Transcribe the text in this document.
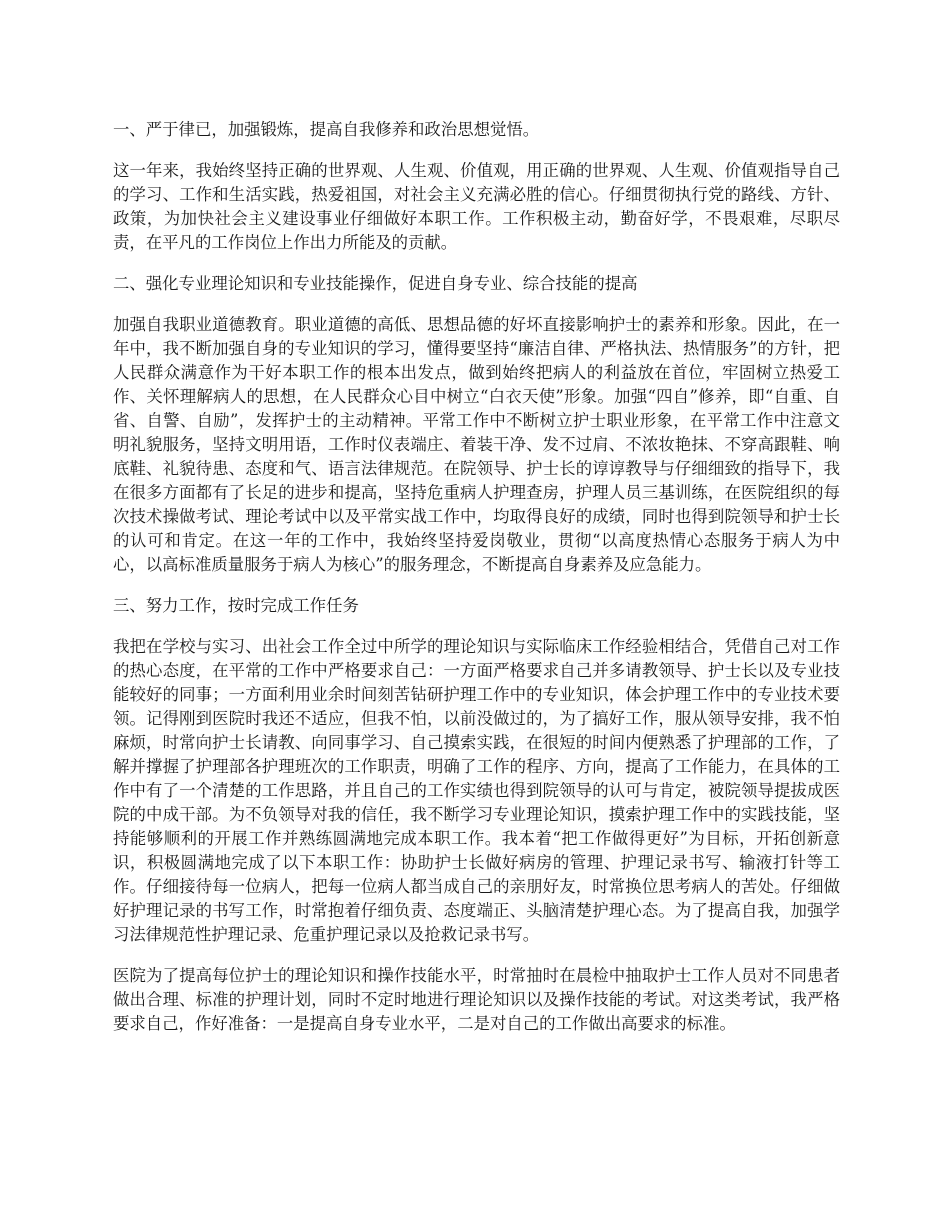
一、严于律已，加强锻炼，提高自我修养和政治思想觉悟。

这一年来，我始终坚持正确的世界观、人生观、价值观，用正确的世界观、人生观、价值观指导自己的学习、工作和生活实践，热爱祖国，对社会主义充满必胜的信心。仔细贯彻执行党的路线、方针、政策，为加快社会主义建设事业仔细做好本职工作。工作积极主动，勤奋好学，不畏艰难，尽职尽责，在平凡的工作岗位上作出力所能及的贡献。

二、强化专业理论知识和专业技能操作，促进自身专业、综合技能的提高

加强自我职业道德教育。职业道德的高低、思想品德的好坏直接影响护士的素养和形象。因此，在一年中，我不断加强自身的专业知识的学习，懂得要坚持“廉洁自律、严格执法、热情服务”的方针，把人民群众满意作为干好本职工作的根本出发点，做到始终把病人的利益放在首位，牢固树立热爱工作、关怀理解病人的思想，在人民群众心目中树立“白衣天使”形象。加强“四自”修养，即“自重、自省、自警、自励”，发挥护士的主动精神。平常工作中不断树立护士职业形象，在平常工作中注意文明礼貌服务，坚持文明用语，工作时仪表端庄、着装干净、发不过肩、不浓妆艳抹、不穿高跟鞋、响底鞋、礼貌待患、态度和气、语言法律规范。在院领导、护士长的谆谆教导与仔细细致的指导下，我在很多方面都有了长足的进步和提高，坚持危重病人护理查房，护理人员三基训练，在医院组织的每次技术操做考试、理论考试中以及平常实战工作中，均取得良好的成绩，同时也得到院领导和护士长的认可和肯定。在这一年的工作中，我始终坚持爱岗敬业，贯彻“以高度热情心态服务于病人为中心，以高标准质量服务于病人为核心”的服务理念，不断提高自身素养及应急能力。

三、努力工作，按时完成工作任务

我把在学校与实习、出社会工作全过中所学的理论知识与实际临床工作经验相结合，凭借自己对工作的热心态度，在平常的工作中严格要求自己：一方面严格要求自己并多请教领导、护士长以及专业技能较好的同事；一方面利用业余时间刻苦钻研护理工作中的专业知识，体会护理工作中的专业技术要领。记得刚到医院时我还不适应，但我不怕，以前没做过的，为了搞好工作，服从领导安排，我不怕麻烦，时常向护士长请教、向同事学习、自己摸索实践，在很短的时间内便熟悉了护理部的工作，了解并撑握了护理部各护理班次的工作职责，明确了工作的程序、方向，提高了工作能力，在具体的工作中有了一个清楚的工作思路，并且自己的工作实绩也得到院领导的认可与肯定，被院领导提拔成医院的中成干部。为不负领导对我的信任，我不断学习专业理论知识，摸索护理工作中的实践技能，坚持能够顺利的开展工作并熟练圆满地完成本职工作。我本着“把工作做得更好”为目标，开拓创新意识，积极圆满地完成了以下本职工作：协助护士长做好病房的管理、护理记录书写、输液打针等工作。仔细接待每一位病人，把每一位病人都当成自己的亲朋好友，时常换位思考病人的苦处。仔细做好护理记录的书写工作，时常抱着仔细负责、态度端正、头脑清楚护理心态。为了提高自我，加强学习法律规范性护理记录、危重护理记录以及抢救记录书写。

医院为了提高每位护士的理论知识和操作技能水平，时常抽时在晨检中抽取护士工作人员对不同患者做出合理、标准的护理计划，同时不定时地进行理论知识以及操作技能的考试。对这类考试，我严格要求自己，作好准备：一是提高自身专业水平，二是对自己的工作做出高要求的标准。
